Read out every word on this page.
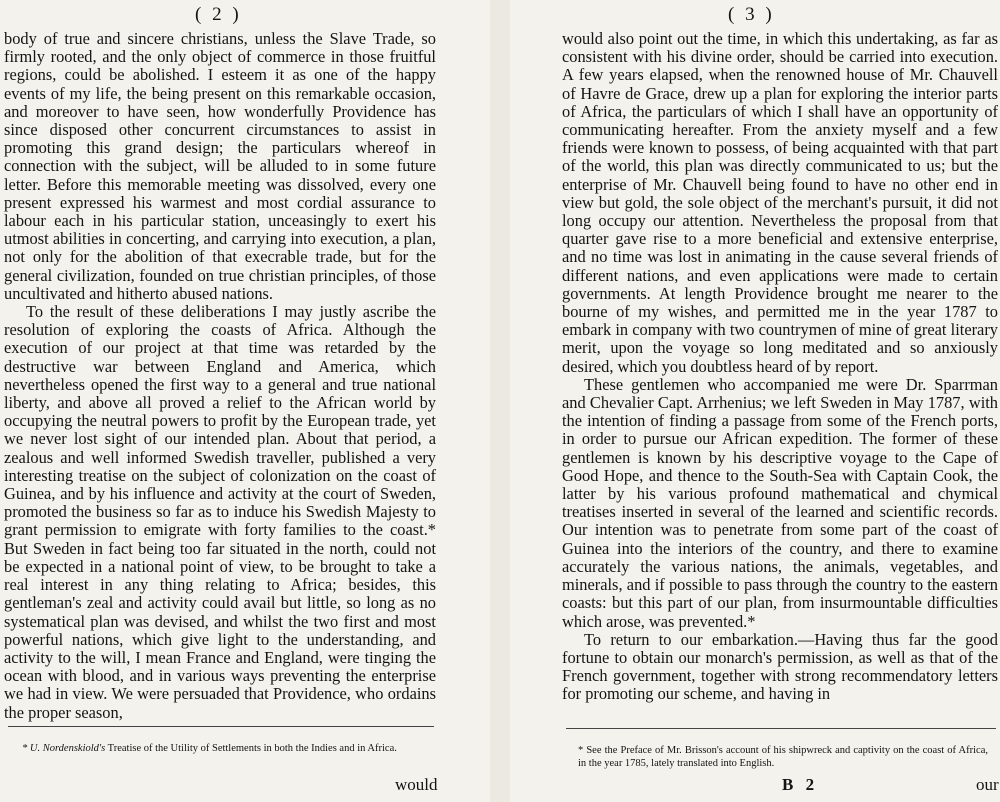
( 2 )

body of true and sincere christians, unless the Slave Trade, so firmly rooted, and the only object of commerce in those fruitful regions, could be abolished. I esteem it as one of the happy events of my life, the being present on this remarkable occasion, and moreover to have seen, how wonderfully Providence has since disposed other concurrent circumstances to assist in promoting this grand design; the particulars whereof in connection with the subject, will be alluded to in some future letter. Before this memorable meeting was dissolved, every one present expressed his warmest and most cordial assurance to labour each in his particular station, unceasingly to exert his utmost abilities in concerting, and carrying into execution, a plan, not only for the abolition of that execrable trade, but for the general civilization, founded on true christian principles, of those uncultivated and hitherto abused nations.

To the result of these deliberations I may justly ascribe the resolution of exploring the coasts of Africa. Although the execution of our project at that time was retarded by the destructive war between England and America, which nevertheless opened the first way to a general and true national liberty, and above all proved a relief to the African world by occupying the neutral powers to profit by the European trade, yet we never lost sight of our intended plan. About that period, a zealous and well informed Swedish traveller, published a very interesting treatise on the subject of colonization on the coast of Guinea, and by his influence and activity at the court of Sweden, promoted the business so far as to induce his Swedish Majesty to grant permission to emigrate with forty families to the coast.* But Sweden in fact being too far situated in the north, could not be expected in a national point of view, to be brought to take a real interest in any thing relating to Africa; besides, this gentleman's zeal and activity could avail but little, so long as no systematical plan was devised, and whilst the two first and most powerful nations, which give light to the understanding, and activity to the will, I mean France and England, were tinging the ocean with blood, and in various ways preventing the enterprise we had in view. We were persuaded that Providence, who ordains the proper season,

* U. Nordenskiold's Treatise of the Utility of Settlements in both the Indies and in Africa.
would
( 3 )

would also point out the time, in which this undertaking, as far as consistent with his divine order, should be carried into execution. A few years elapsed, when the renowned house of Mr. Chauvell of Havre de Grace, drew up a plan for exploring the interior parts of Africa, the particulars of which I shall have an opportunity of communicating hereafter. From the anxiety myself and a few friends were known to possess, of being acquainted with that part of the world, this plan was directly communicated to us; but the enterprise of Mr. Chauvell being found to have no other end in view but gold, the sole object of the merchant's pursuit, it did not long occupy our attention. Nevertheless the proposal from that quarter gave rise to a more beneficial and extensive enterprise, and no time was lost in animating in the cause several friends of different nations, and even applications were made to certain governments. At length Providence brought me nearer to the bourne of my wishes, and permitted me in the year 1787 to embark in company with two countrymen of mine of great literary merit, upon the voyage so long meditated and so anxiously desired, which you doubtless heard of by report.

These gentlemen who accompanied me were Dr. Sparrman and Chevalier Capt. Arrhenius; we left Sweden in May 1787, with the intention of finding a passage from some of the French ports, in order to pursue our African expedition. The former of these gentlemen is known by his descriptive voyage to the Cape of Good Hope, and thence to the South-Sea with Captain Cook, the latter by his various profound mathematical and chymical treatises inserted in several of the learned and scientific records. Our intention was to penetrate from some part of the coast of Guinea into the interiors of the country, and there to examine accurately the various nations, the animals, vegetables, and minerals, and if possible to pass through the country to the eastern coasts: but this part of our plan, from insurmountable difficulties which arose, was prevented.*

To return to our embarkation.—Having thus far the good fortune to obtain our monarch's permission, as well as that of the French government, together with strong recommendatory letters for promoting our scheme, and having in

* See the Preface of Mr. Brisson's account of his shipwreck and captivity on the coast of Africa, in the year 1785, lately translated into English.
B 2	our
